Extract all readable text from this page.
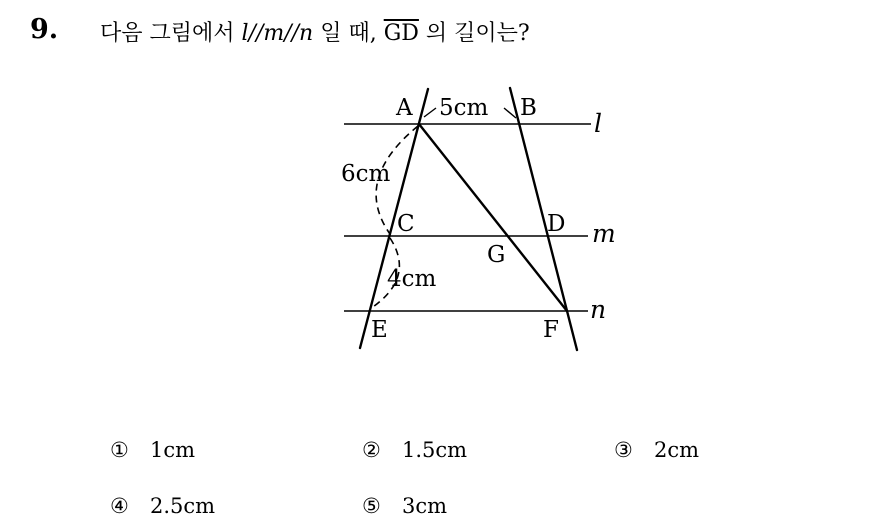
9. 다음 그림에서 l//m//n 일 때, $\overline{GD}$ 의 길이는?
A	B
C	D
E	F
G
l
m
n
5cm
6cm
4cm
① 1cm	② 1.5cm	③ 2cm
④ 2.5cm	⑤ 3cm
